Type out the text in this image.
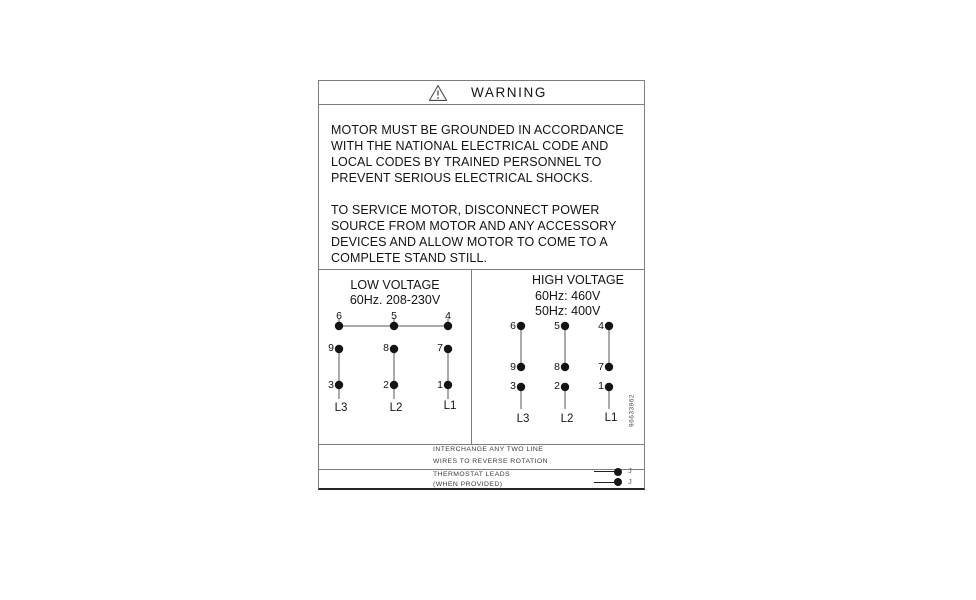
WARNING
MOTOR MUST BE GROUNDED IN ACCORDANCE
WITH THE NATIONAL ELECTRICAL CODE AND
LOCAL CODES BY TRAINED PERSONNEL TO
PREVENT SERIOUS ELECTRICAL SHOCKS.
TO SERVICE MOTOR, DISCONNECT POWER
SOURCE FROM MOTOR AND ANY ACCESSORY
DEVICES AND ALLOW MOTOR TO COME TO A
COMPLETE STAND STILL.
LOW VOLTAGE
60Hz. 208-230V
6	5	4
9	8	7
3	2	1
L3	L2	L1
HIGH VOLTAGE
60Hz: 460V
50Hz: 400V
6	5	4
9	8	7
3	2	1
L3	L2	L1	96633962
INTERCHANGE ANY TWO LINE
WIRES TO REVERSE ROTATION
THERMOSTAT LEADS
(WHEN PROVIDED)
J
J
